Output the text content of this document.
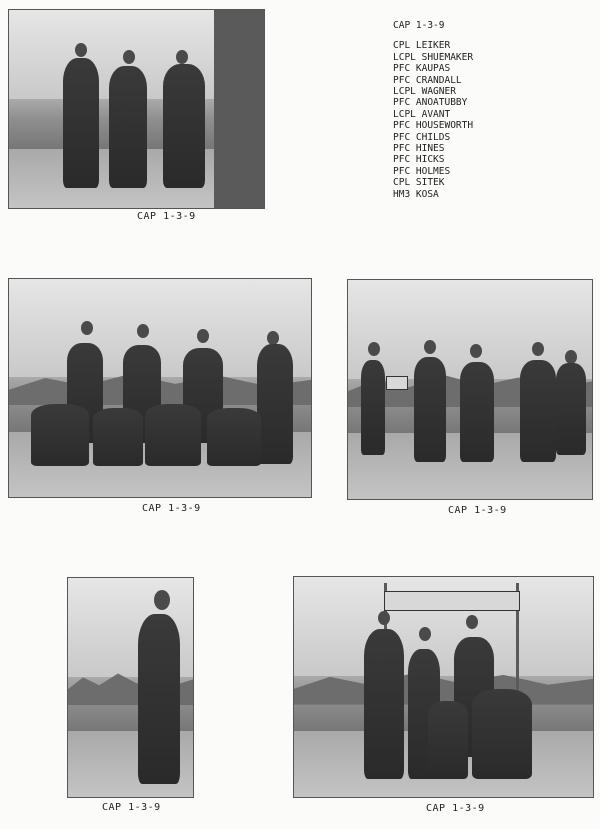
CAP 1-3-9
CAP 1-3-9
CPL LEIKER
LCPL SHUEMAKER
PFC KAUPAS
PFC CRANDALL
LCPL WAGNER
PFC ANOATUBBY
LCPL AVANT
PFC HOUSEWORTH
PFC CHILDS
PFC HINES
PFC HICKS
PFC HOLMES
CPL SITEK
HM3 KOSA
CAP 1-3-9	CAP 1-3-9
CAP 1-3-9	CAP 1-3-9
